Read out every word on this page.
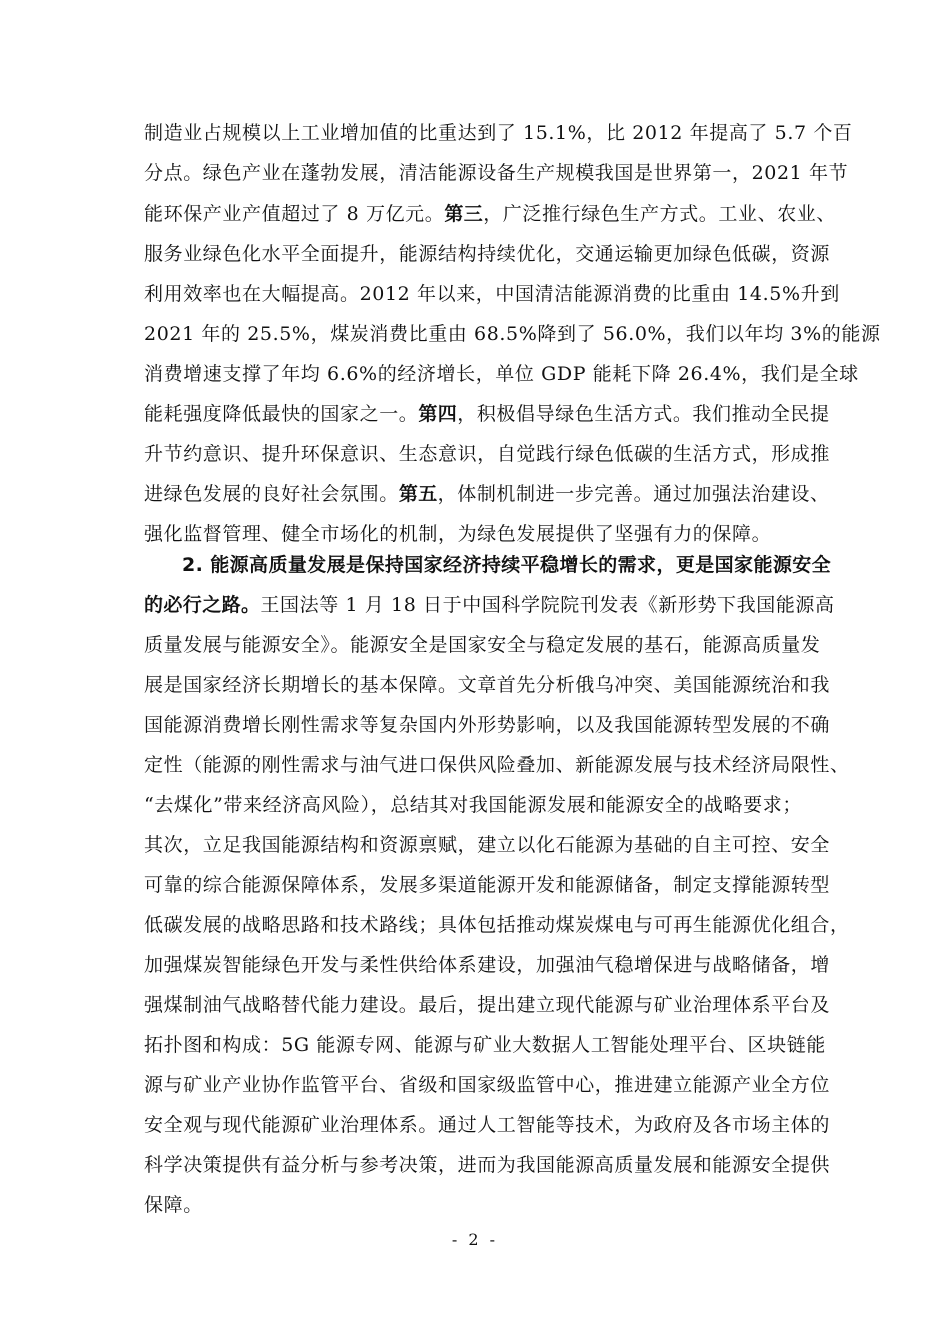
制造业占规模以上工业增加值的比重达到了 15.1%，比 2012 年提高了 5.7 个百
分点。绿色产业在蓬勃发展，清洁能源设备生产规模我国是世界第一，2021 年节
能环保产业产值超过了 8 万亿元。第三，广泛推行绿色生产方式。工业、农业、
服务业绿色化水平全面提升，能源结构持续优化，交通运输更加绿色低碳，资源
利用效率也在大幅提高。2012 年以来，中国清洁能源消费的比重由 14.5%升到
2021 年的 25.5%，煤炭消费比重由 68.5%降到了 56.0%，我们以年均 3%的能源
消费增速支撑了年均 6.6%的经济增长，单位 GDP 能耗下降 26.4%，我们是全球
能耗强度降低最快的国家之一。第四，积极倡导绿色生活方式。我们推动全民提
升节约意识、提升环保意识、生态意识，自觉践行绿色低碳的生活方式，形成推
进绿色发展的良好社会氛围。第五，体制机制进一步完善。通过加强法治建设、
强化监督管理、健全市场化的机制，为绿色发展提供了坚强有力的保障。
2. 能源高质量发展是保持国家经济持续平稳增长的需求，更是国家能源安全
的必行之路。王国法等 1 月 18 日于中国科学院院刊发表《新形势下我国能源高
质量发展与能源安全》。能源安全是国家安全与稳定发展的基石，能源高质量发
展是国家经济长期增长的基本保障。文章首先分析俄乌冲突、美国能源统治和我
国能源消费增长刚性需求等复杂国内外形势影响，以及我国能源转型发展的不确
定性（能源的刚性需求与油气进口保供风险叠加、新能源发展与技术经济局限性、
“去煤化”带来经济高风险），总结其对我国能源发展和能源安全的战略要求；
其次，立足我国能源结构和资源禀赋，建立以化石能源为基础的自主可控、安全
可靠的综合能源保障体系，发展多渠道能源开发和能源储备，制定支撑能源转型
低碳发展的战略思路和技术路线；具体包括推动煤炭煤电与可再生能源优化组合，
加强煤炭智能绿色开发与柔性供给体系建设，加强油气稳增保进与战略储备，增
强煤制油气战略替代能力建设。最后，提出建立现代能源与矿业治理体系平台及
拓扑图和构成：5G 能源专网、能源与矿业大数据人工智能处理平台、区块链能
源与矿业产业协作监管平台、省级和国家级监管中心，推进建立能源产业全方位
安全观与现代能源矿业治理体系。通过人工智能等技术，为政府及各市场主体的
科学决策提供有益分析与参考决策，进而为我国能源高质量发展和能源安全提供
保障。
- 2 -
